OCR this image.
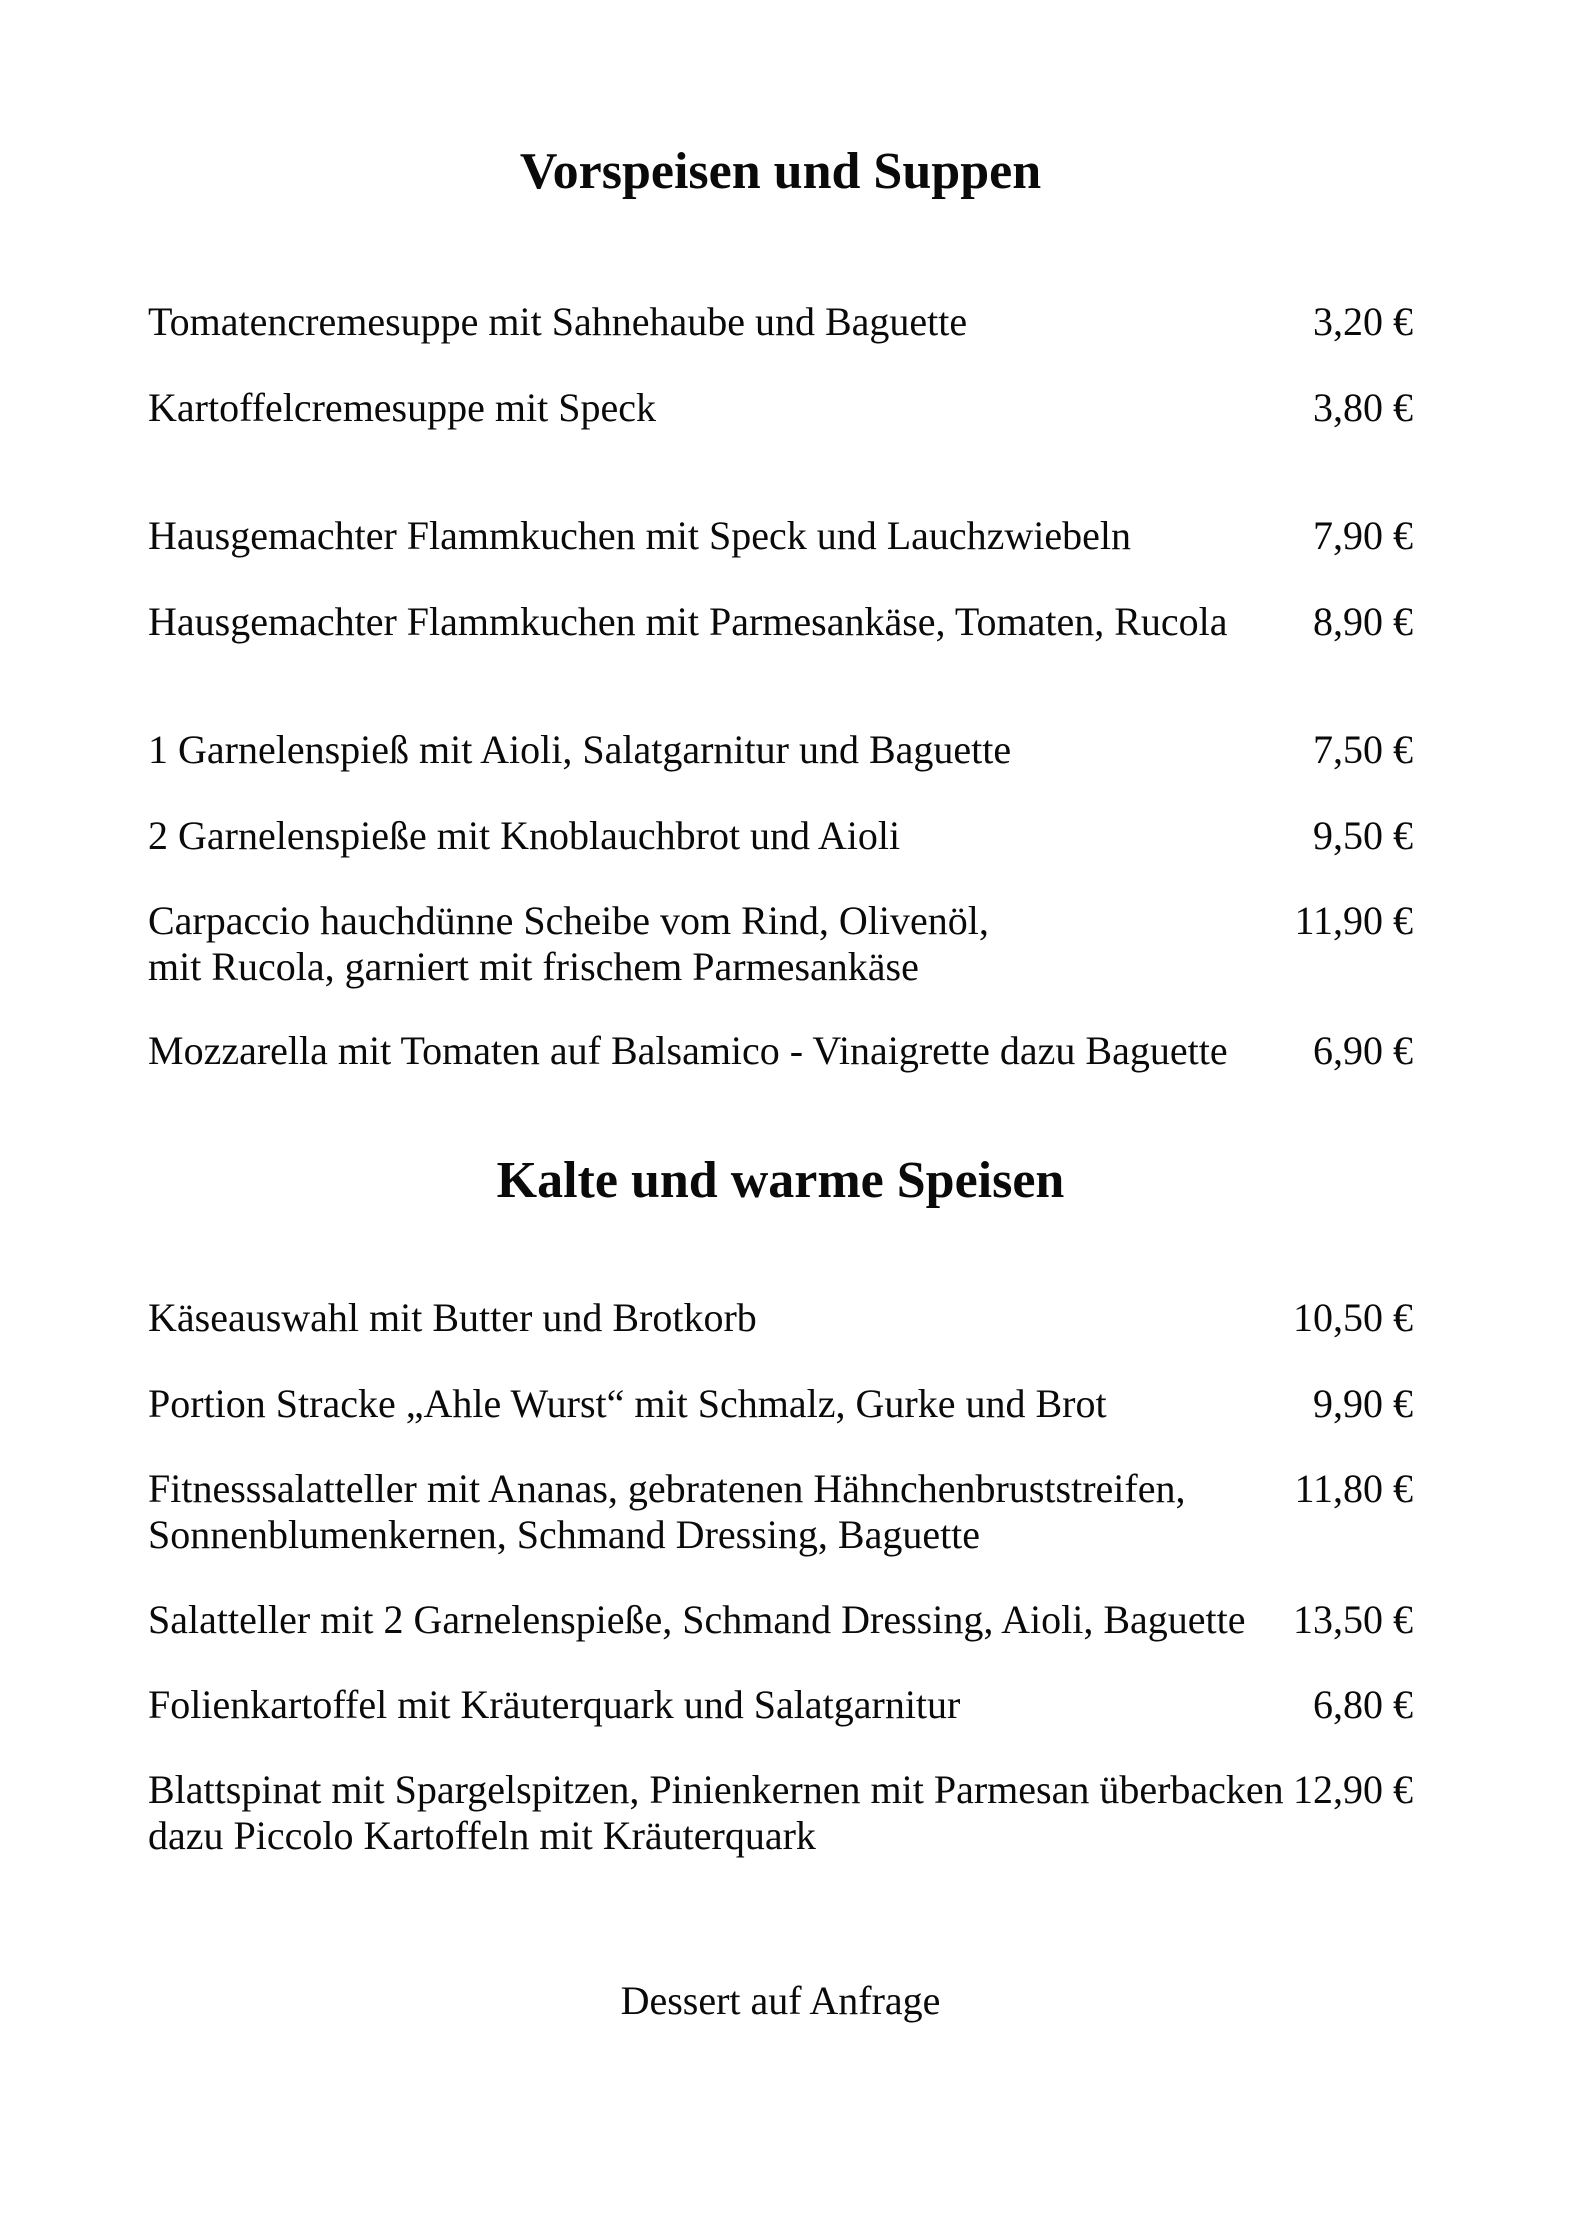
Vorspeisen und Suppen
Tomatencremesuppe mit Sahnehaube und Baguette	3,20 €
Kartoffelcremesuppe mit Speck	3,80 €
Hausgemachter Flammkuchen mit Speck und Lauchzwiebeln	7,90 €
Hausgemachter Flammkuchen mit Parmesankäse, Tomaten, Rucola 8,90 €
1 Garnelenspieß mit Aioli, Salatgarnitur und Baguette	7,50 €
2 Garnelenspieße mit Knoblauchbrot und Aioli	9,50 €
Carpaccio hauchdünne Scheibe vom Rind, Olivenöl,
mit Rucola, garniert mit frischem Parmesankäse
11,90 €
Mozzarella mit Tomaten auf Balsamico - Vinaigrette dazu Baguette 6,90 €
Kalte und warme Speisen
Käseauswahl mit Butter und Brotkorb	10,50 €
Portion Stracke „Ahle Wurst“ mit Schmalz, Gurke und Brot	9,90 €
Fitnesssalatteller mit Ananas, gebratenen Hähnchenbruststreifen,
Sonnenblumenkernen, Schmand Dressing, Baguette
11,80 €
Salatteller mit 2 Garnelenspieße, Schmand Dressing, Aioli, Baguette 13,50 €
Folienkartoffel mit Kräuterquark und Salatgarnitur	6,80 €
Blattspinat mit Spargelspitzen, Pinienkernen mit Parmesan überbacken
dazu Piccolo Kartoffeln mit Kräuterquark
12,90 €
Dessert auf Anfrage
